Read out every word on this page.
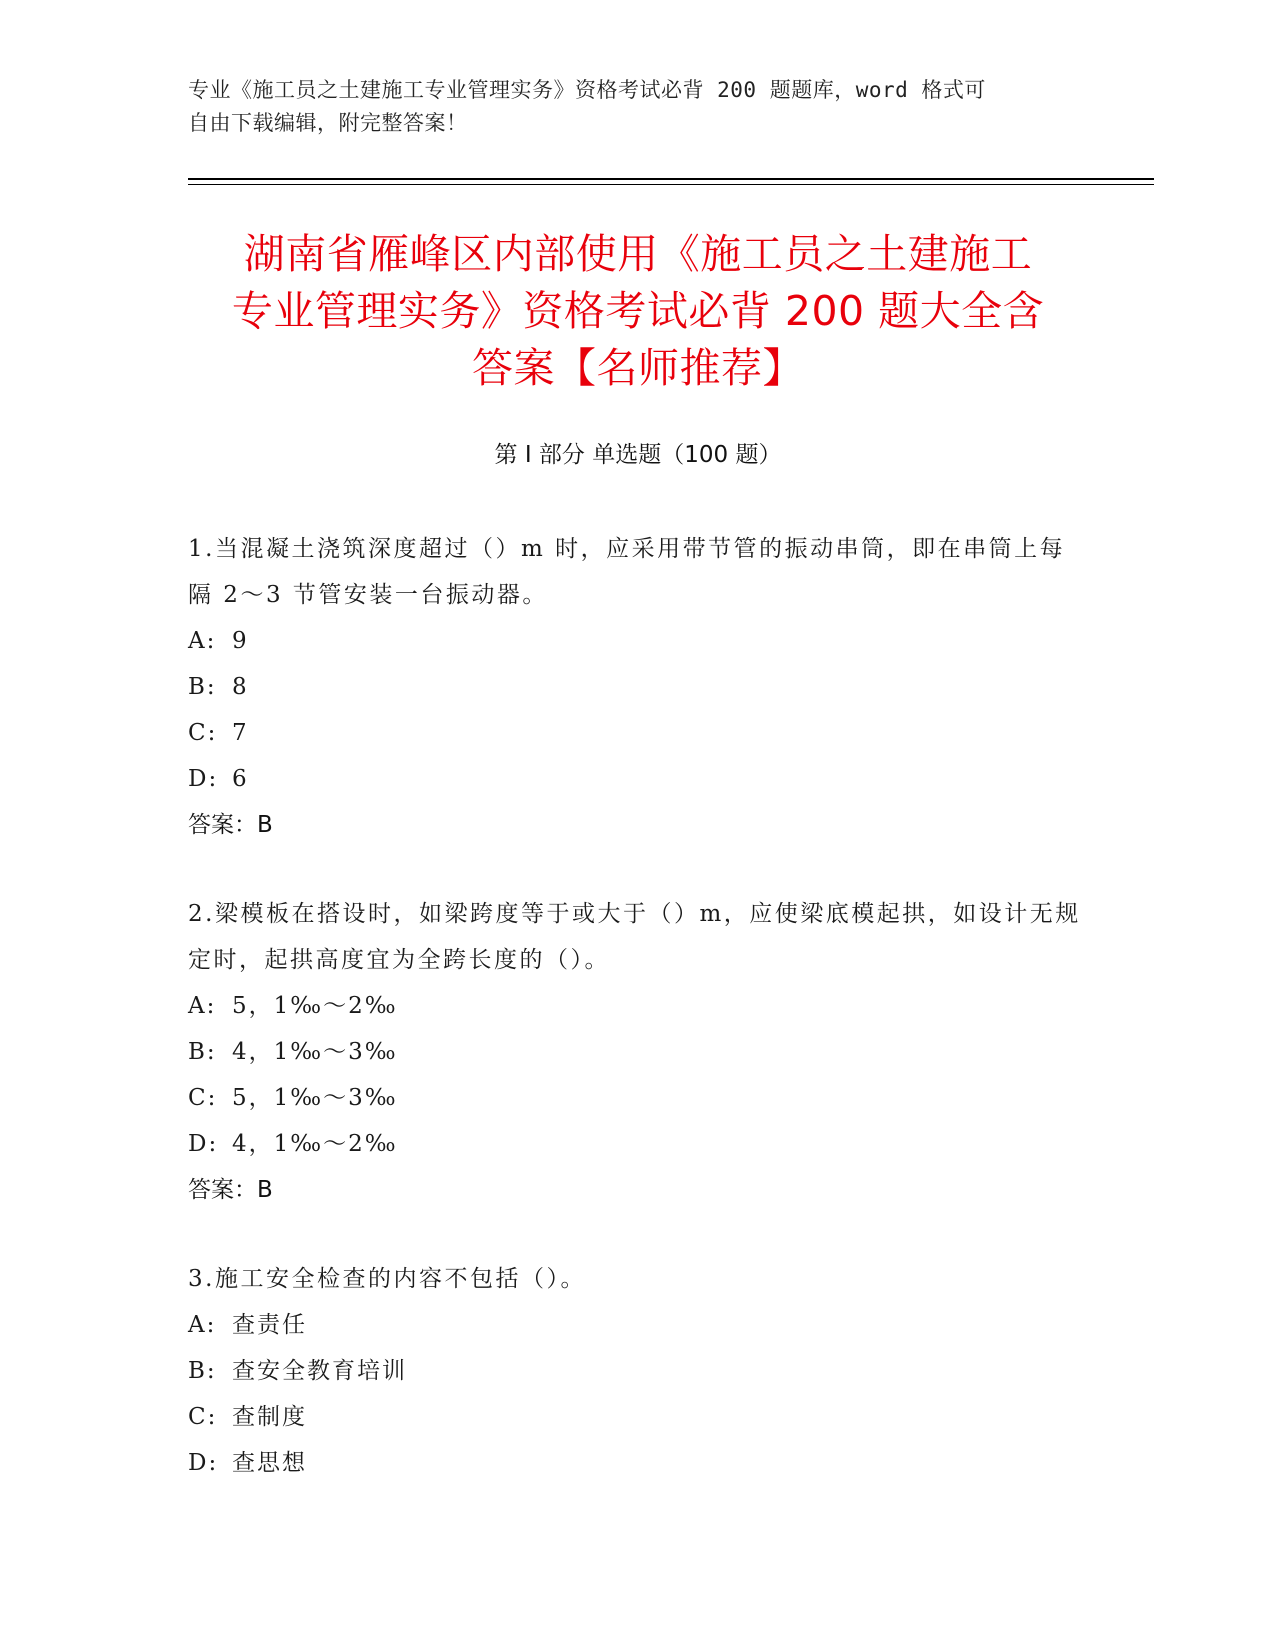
专业《施工员之土建施工专业管理实务》资格考试必背 200 题题库，word 格式可
自由下载编辑，附完整答案！
湖南省雁峰区内部使用《施工员之土建施工
专业管理实务》资格考试必背 200 题大全含
答案【名师推荐】
第 I 部分 单选题（100 题）
1.当混凝土浇筑深度超过（）m 时，应采用带节管的振动串筒，即在串筒上每隔 2～3 节管安装一台振动器。
A: 9
B: 8
C: 7
D: 6
答案：B
2.梁模板在搭设时，如梁跨度等于或大于（）m，应使梁底模起拱，如设计无规定时，起拱高度宜为全跨长度的（）。
A: 5，1‰～2‰
B: 4，1‰～3‰
C: 5，1‰～3‰
D: 4，1‰～2‰
答案：B
3.施工安全检查的内容不包括（）。
A: 查责任
B: 查安全教育培训
C: 查制度
D: 查思想
